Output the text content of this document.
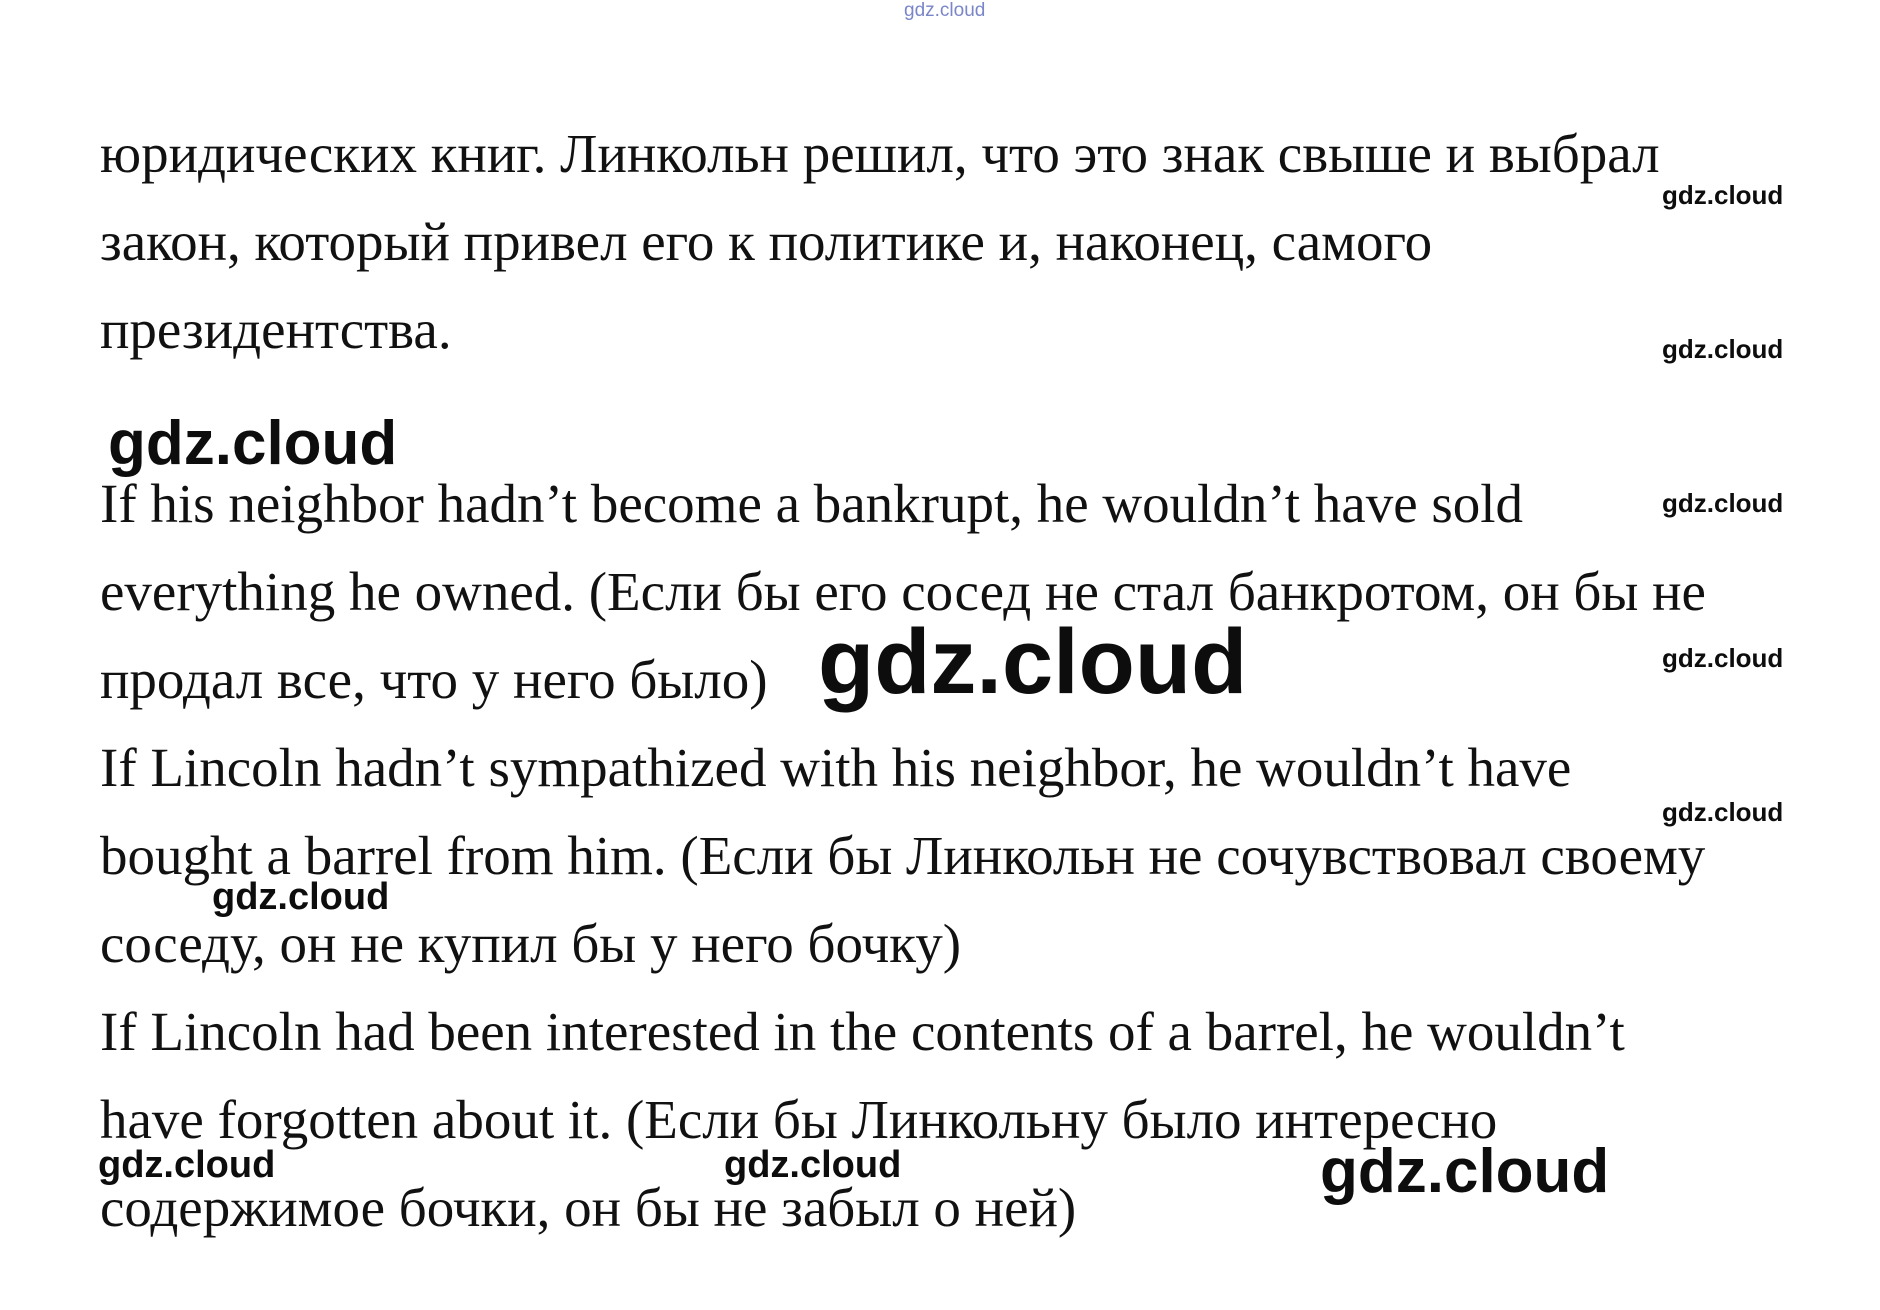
gdz.cloud

юридических книг. Линкольн решил, что это знак свыше и выбрал

закон, который привел его к политике и, наконец, самого

президентства.

If his neighbor hadn’t become a bankrupt, he wouldn’t have sold

everything he owned. (Если бы его сосед не стал банкротом, он бы не

продал все, что у него было)

If Lincoln hadn’t sympathized with his neighbor, he wouldn’t have

bought a barrel from him. (Если бы Линкольн не сочувствовал своему

соседу, он не купил бы у него бочку)

If Lincoln had been interested in the contents of a barrel, he wouldn’t

have forgotten about it. (Если бы Линкольну было интересно

содержимое бочки, он бы не забыл о ней)

gdz.cloud
gdz.cloud
gdz.cloud
gdz.cloud
gdz.cloud
gdz.cloud
gdz.cloud
gdz.cloud
gdz.cloud	gdz.cloud	gdz.cloud
